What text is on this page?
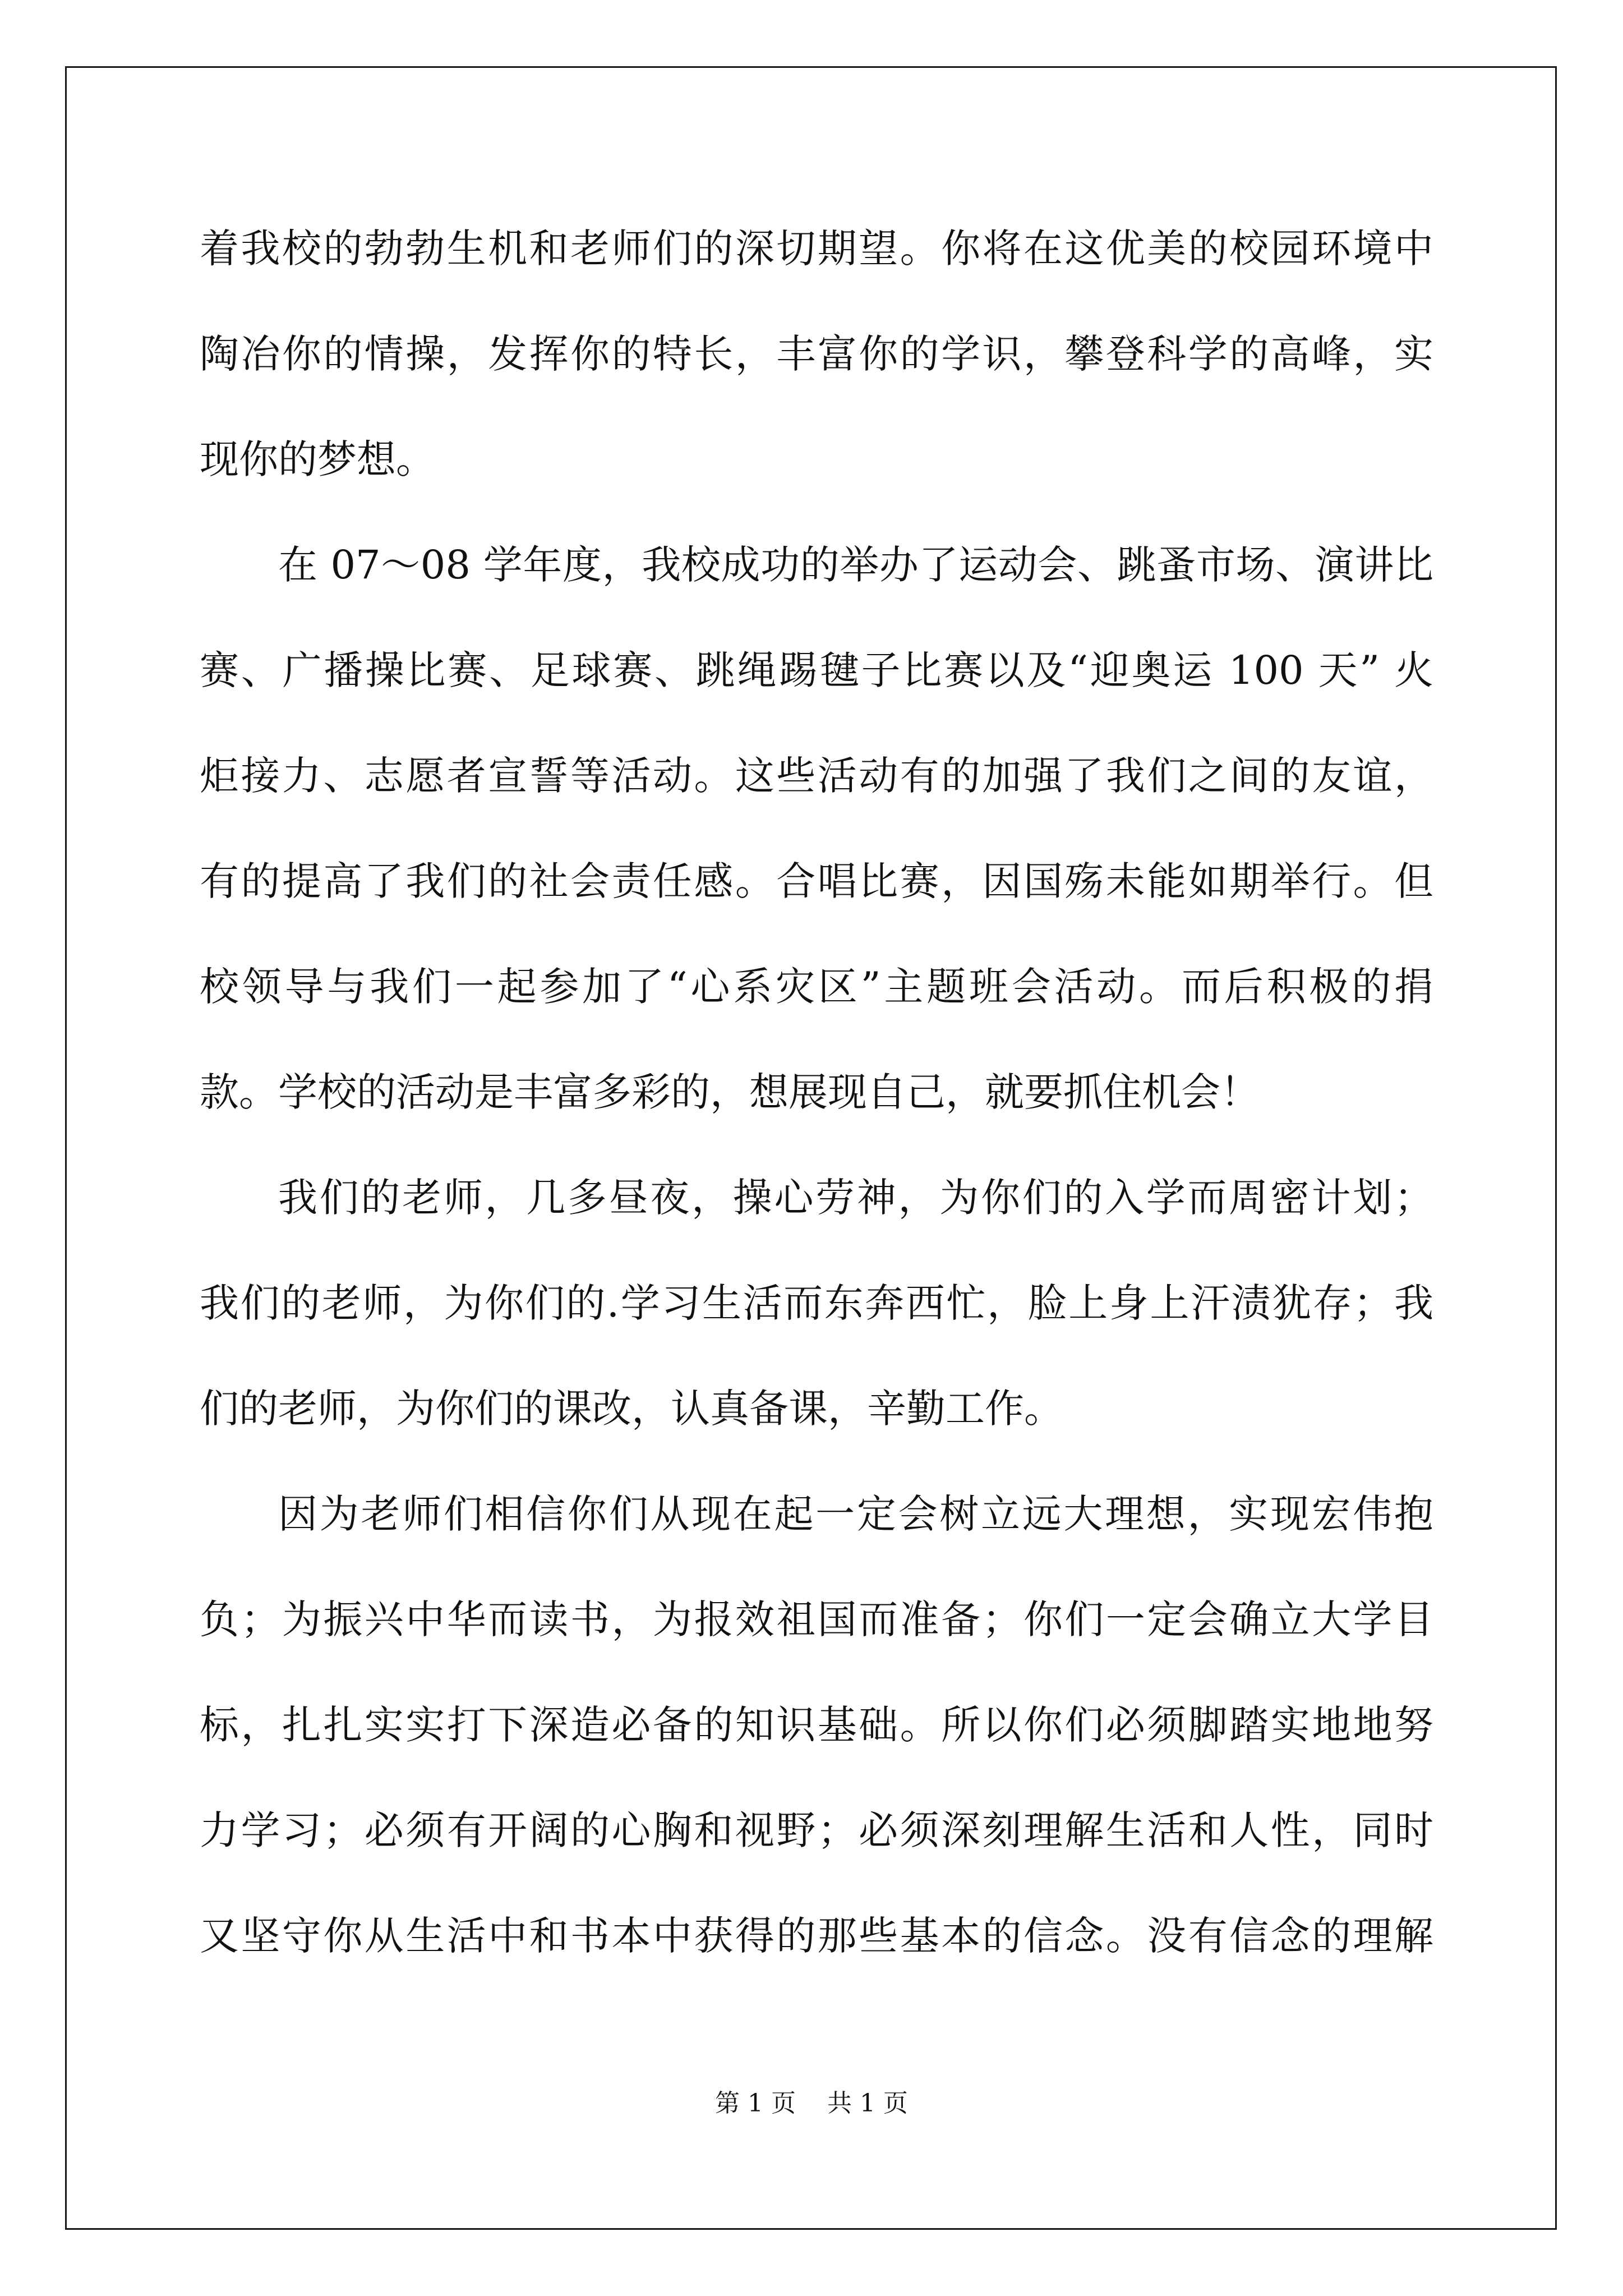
着我校的勃勃生机和老师们的深切期望。你将在这优美的校园环境中
陶冶你的情操，发挥你的特长，丰富你的学识，攀登科学的高峰，实
现你的梦想。
在 07～08 学年度，我校成功的举办了运动会、跳蚤市场、演讲比
赛、广播操比赛、足球赛、跳绳踢毽子比赛以及“迎奥运 100 天” 火
炬接力、志愿者宣誓等活动。这些活动有的加强了我们之间的友谊，
有的提高了我们的社会责任感。合唱比赛，因国殇未能如期举行。但
校领导与我们一起参加了“心系灾区”主题班会活动。而后积极的捐
款。学校的活动是丰富多彩的，想展现自己，就要抓住机会！
我们的老师，几多昼夜，操心劳神，为你们的入学而周密计划；
我们的老师，为你们的.学习生活而东奔西忙，脸上身上汗渍犹存；我
们的老师，为你们的课改，认真备课，辛勤工作。
因为老师们相信你们从现在起一定会树立远大理想，实现宏伟抱
负；为振兴中华而读书，为报效祖国而准备；你们一定会确立大学目
标，扎扎实实打下深造必备的知识基础。所以你们必须脚踏实地地努
力学习；必须有开阔的心胸和视野；必须深刻理解生活和人性，同时
又坚守你从生活中和书本中获得的那些基本的信念。没有信念的理解
第 1 页 共 1 页
